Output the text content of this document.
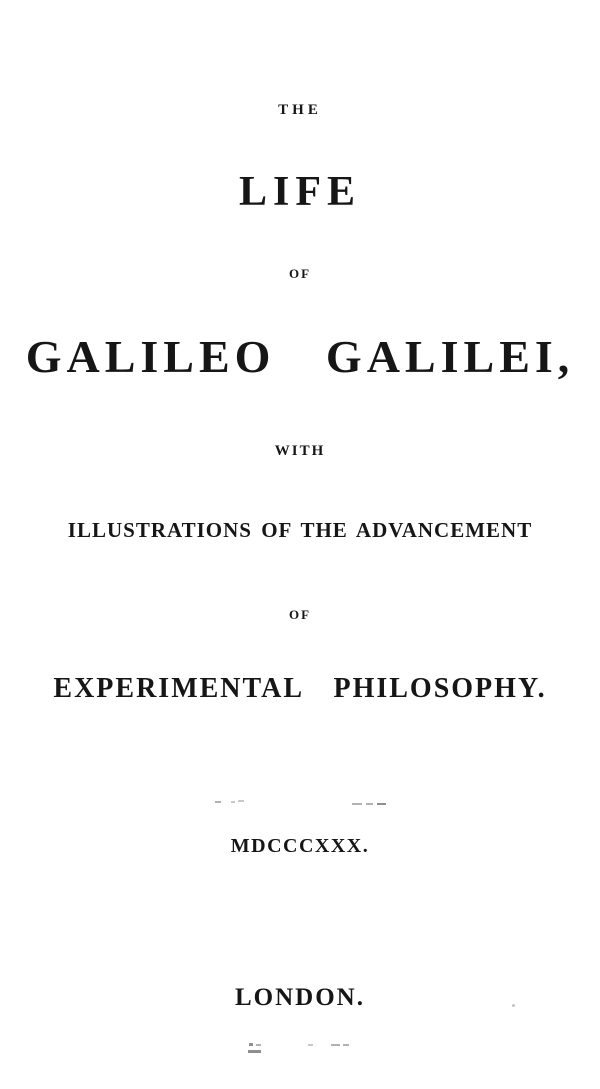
THE
LIFE
OF
GALILEO GALILEI,
WITH
ILLUSTRATIONS OF THE ADVANCEMENT
OF
EXPERIMENTAL PHILOSOPHY.
MDCCCXXX.
LONDON.
